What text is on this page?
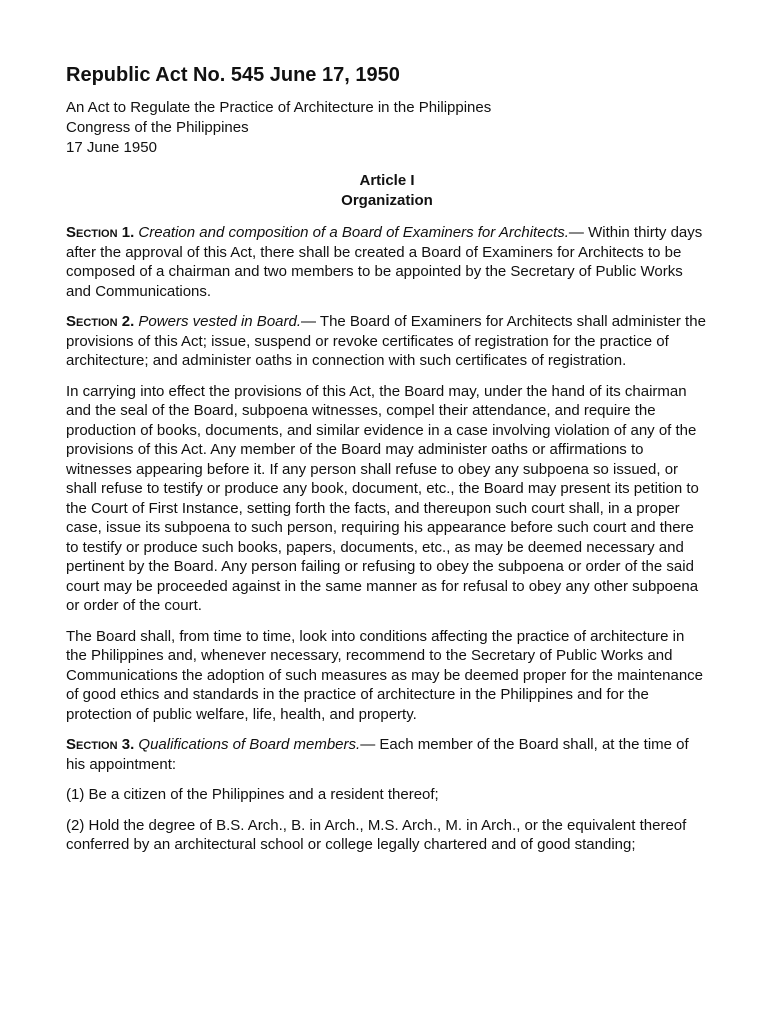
Republic Act No. 545 June 17, 1950

An Act to Regulate the Practice of Architecture in the Philippines

Congress of the Philippines

17 June 1950

Article I

Organization

Section 1. Creation and composition of a Board of Examiners for Architects.— Within thirty days after the approval of this Act, there shall be created a Board of Examiners for Architects to be composed of a chairman and two members to be appointed by the Secretary of Public Works and Communications.

Section 2. Powers vested in Board.— The Board of Examiners for Architects shall administer the provisions of this Act; issue, suspend or revoke certificates of registration for the practice of architecture; and administer oaths in connection with such certificates of registration.

In carrying into effect the provisions of this Act, the Board may, under the hand of its chairman and the seal of the Board, subpoena witnesses, compel their attendance, and require the production of books, documents, and similar evidence in a case involving violation of any of the provisions of this Act. Any member of the Board may administer oaths or affirmations to witnesses appearing before it. If any person shall refuse to obey any subpoena so issued, or shall refuse to testify or produce any book, document, etc., the Board may present its petition to the Court of First Instance, setting forth the facts, and thereupon such court shall, in a proper case, issue its subpoena to such person, requiring his appearance before such court and there to testify or produce such books, papers, documents, etc., as may be deemed necessary and pertinent by the Board. Any person failing or refusing to obey the subpoena or order of the said court may be proceeded against in the same manner as for refusal to obey any other subpoena or order of the court.

The Board shall, from time to time, look into conditions affecting the practice of architecture in the Philippines and, whenever necessary, recommend to the Secretary of Public Works and Communications the adoption of such measures as may be deemed proper for the maintenance of good ethics and standards in the practice of architecture in the Philippines and for the protection of public welfare, life, health, and property.

Section 3. Qualifications of Board members.— Each member of the Board shall, at the time of his appointment:

(1) Be a citizen of the Philippines and a resident thereof;

(2) Hold the degree of B.S. Arch., B. in Arch., M.S. Arch., M. in Arch., or the equivalent thereof conferred by an architectural school or college legally chartered and of good standing;
